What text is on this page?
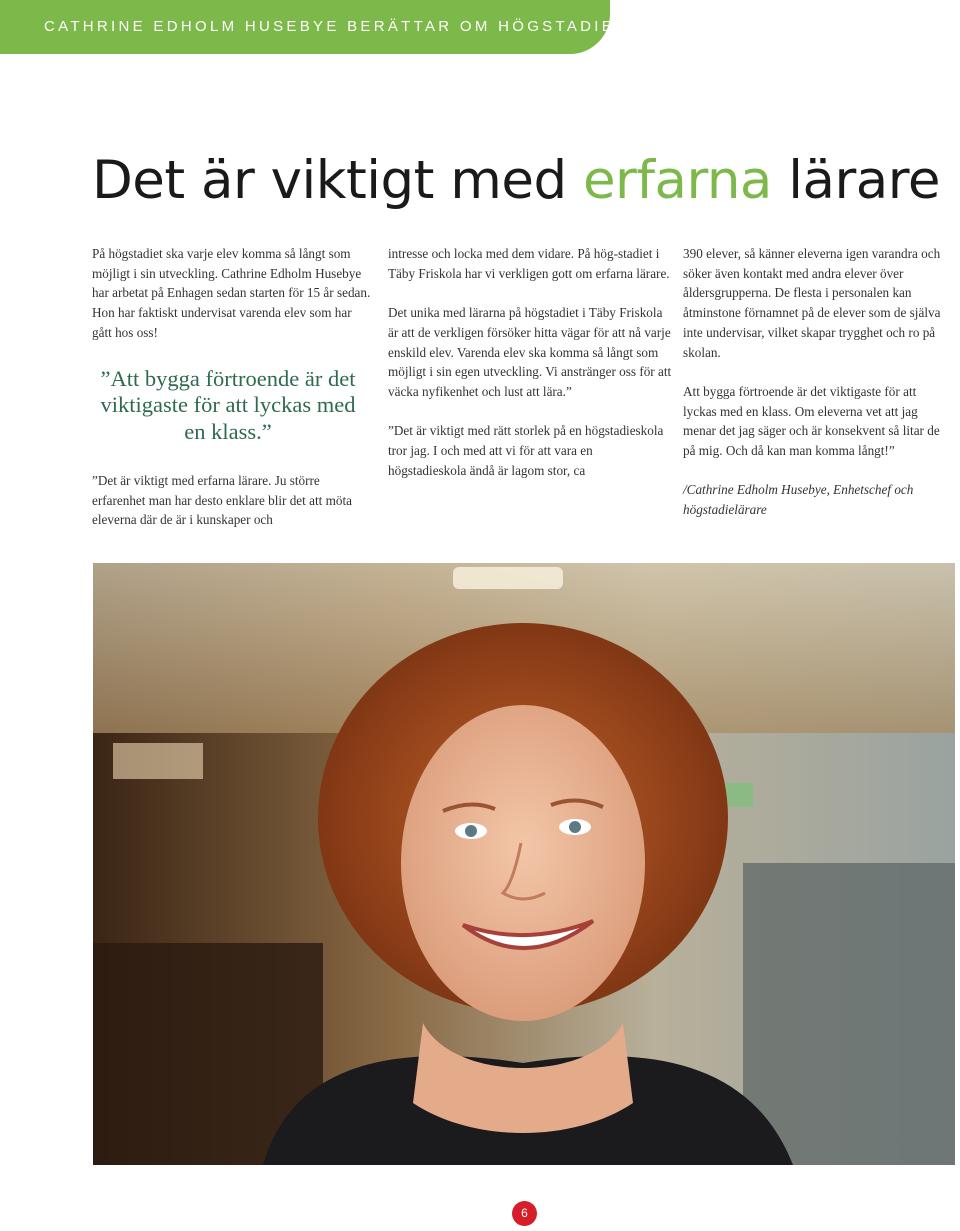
CATHRINE EDHOLM HUSEBYE BERÄTTAR OM HÖGSTADIET
Det är viktigt med erfarna lärare

På högstadiet ska varje elev komma så långt som möjligt i sin utveckling. Cathrine Edholm Husebye har arbetat på Enhagen sedan starten för 15 år sedan. Hon har faktiskt undervisat varenda elev som har gått hos oss!

”Att bygga förtroende är det viktigaste för att lyckas med en klass.”

”Det är viktigt med erfarna lärare. Ju större erfarenhet man har desto enklare blir det att möta eleverna där de är i kunskaper och

intresse och locka med dem vidare. På hög-stadiet i Täby Friskola har vi verkligen gott om erfarna lärare.

Det unika med lärarna på högstadiet i Täby Friskola är att de verkligen försöker hitta vägar för att nå varje enskild elev. Varenda elev ska komma så långt som möjligt i sin egen utveckling. Vi anstränger oss för att väcka nyfikenhet och lust att lära.”

”Det är viktigt med rätt storlek på en högstadieskola tror jag. I och med att vi för att vara en högstadieskola ändå är lagom stor, ca

390 elever, så känner eleverna igen varandra och söker även kontakt med andra elever över åldersgrupperna. De flesta i personalen kan åtminstone förnamnet på de elever som de själva inte undervisar, vilket skapar trygghet och ro på skolan.

Att bygga förtroende är det viktigaste för att lyckas med en klass. Om eleverna vet att jag menar det jag säger och är konsekvent så litar de på mig. Och då kan man komma långt!”

/Cathrine Edholm Husebye, Enhetschef och högstadielärare

6
